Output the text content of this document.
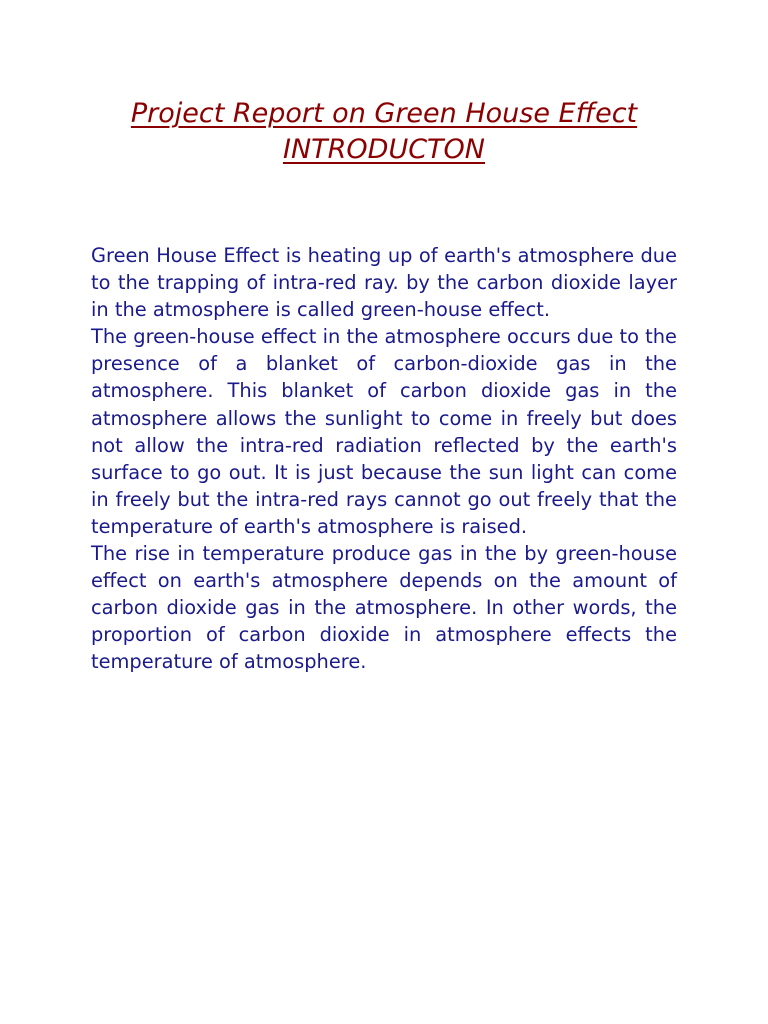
Project Report on Green House Effect
INTRODUCTON

Green House Effect is heating up of earth's atmosphere due to the trapping of intra-red ray. by the carbon dioxide layer in the atmosphere is called green-house effect.

The green-house effect in the atmosphere occurs due to the presence of a blanket of carbon-dioxide gas in the atmosphere. This blanket of carbon dioxide gas in the atmosphere allows the sunlight to come in freely but does not allow the intra-red radiation reflected by the earth's surface to go out. It is just because the sun light can come in freely but the intra-red rays cannot go out freely that the temperature of earth's atmosphere is raised.

The rise in temperature produce gas in the by green-house effect on earth's atmosphere depends on the amount of carbon dioxide gas in the atmosphere. In other words, the proportion of carbon dioxide in atmosphere effects the temperature of atmosphere.
